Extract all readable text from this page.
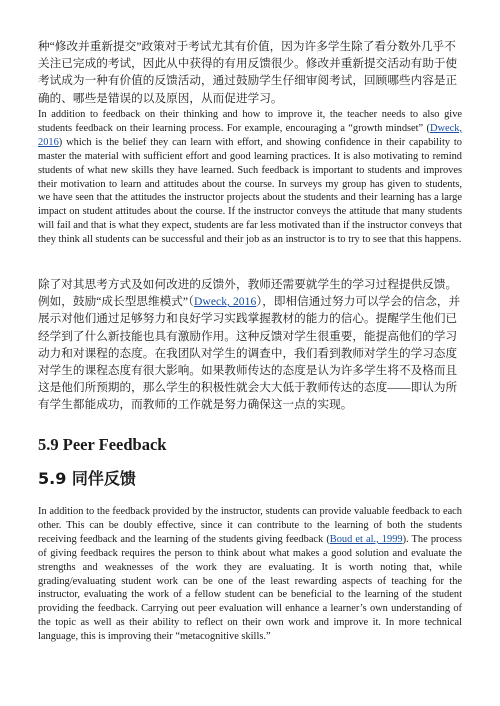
种“修改并重新提交”政策对于考试尤其有价值，因为许多学生除了看分数外几乎不关注已完成的考试，因此从中获得的有用反馈很少。修改并重新提交活动有助于使考试成为一种有价值的反馈活动，通过鼓励学生仔细审阅考试，回顾哪些内容是正确的、哪些是错误的以及原因，从而促进学习。
In addition to feedback on their thinking and how to improve it, the teacher needs to also give students feedback on their learning process. For example, encouraging a “growth mindset” (Dweck, 2016) which is the belief they can learn with effort, and showing confidence in their capability to master the material with sufficient effort and good learning practices. It is also motivating to remind students of what new skills they have learned. Such feedback is important to students and improves their motivation to learn and attitudes about the course. In surveys my group has given to students, we have seen that the attitudes the instructor projects about the students and their learning has a large impact on student attitudes about the course. If the instructor conveys the attitude that many students will fail and that is what they expect, students are far less motivated than if the instructor conveys that they think all students can be successful and their job as an instructor is to try to see that this happens.
除了对其思考方式及如何改进的反馈外，教师还需要就学生的学习过程提供反馈。例如，鼓励“成长型思维模式”（Dweck, 2016），即相信通过努力可以学会的信念，并展示对他们通过足够努力和良好学习实践掌握教材的能力的信心。提醒学生他们已经学到了什么新技能也具有激励作用。这种反馈对学生很重要，能提高他们的学习动力和对课程的态度。在我团队对学生的调查中，我们看到教师对学生的学习态度对学生的课程态度有很大影响。如果教师传达的态度是认为许多学生将不及格而且这是他们所预期的，那么学生的积极性就会大大低于教师传达的态度——即认为所有学生都能成功，而教师的工作就是努力确保这一点的实现。
5.9 Peer Feedback
5.9 同伴反馈
In addition to the feedback provided by the instructor, students can provide valuable feedback to each other. This can be doubly effective, since it can contribute to the learning of both the students receiving feedback and the learning of the students giving feedback (Boud et al., 1999). The process of giving feedback requires the person to think about what makes a good solution and evaluate the strengths and weaknesses of the work they are evaluating. It is worth noting that, while grading/evaluating student work can be one of the least rewarding aspects of teaching for the instructor, evaluating the work of a fellow student can be beneficial to the learning of the student providing the feedback. Carrying out peer evaluation will enhance a learner’s own understanding of the topic as well as their ability to reflect on their own work and improve it. In more technical language, this is improving their “metacognitive skills.”
